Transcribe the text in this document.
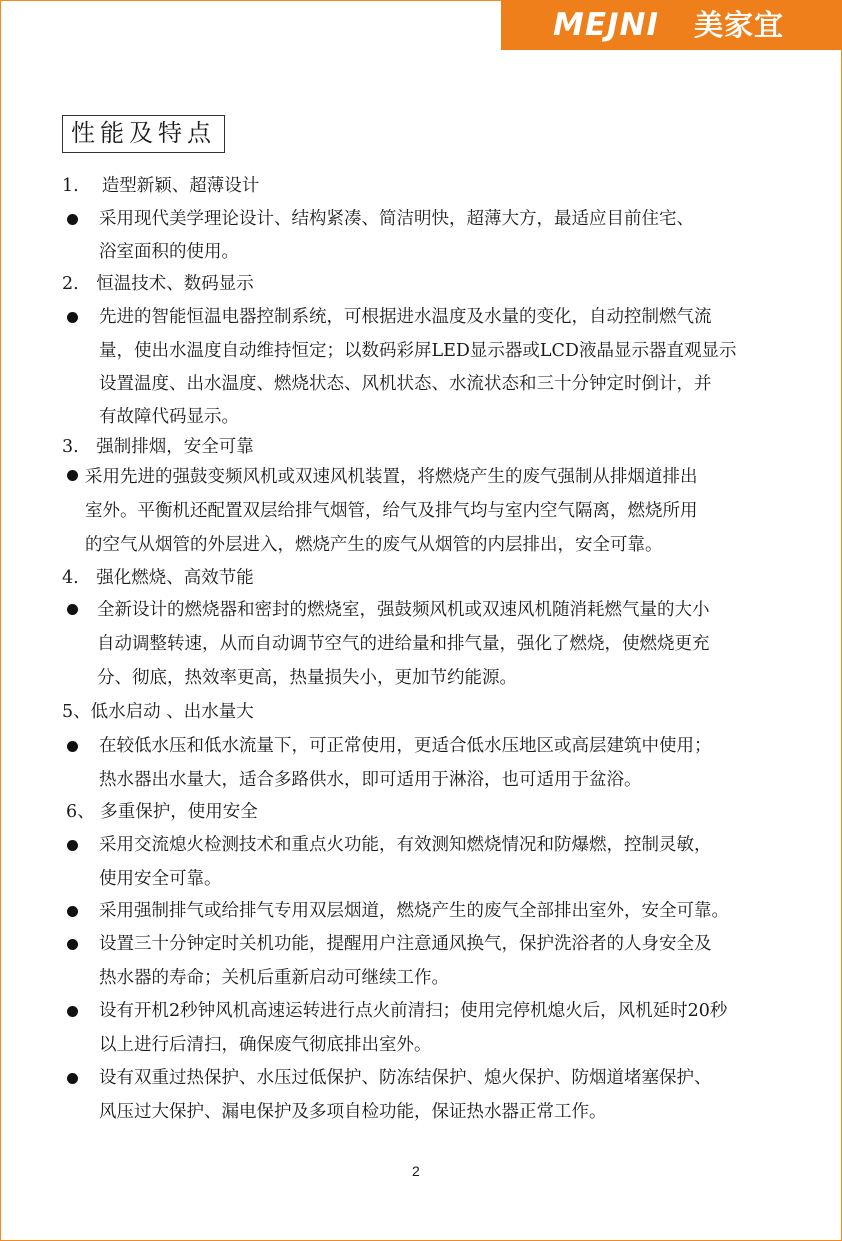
MEJNI 美家宜
性能及特点
1.　 造型新颖、超薄设计
采用现代美学理论设计、结构紧凑、简洁明快，超薄大方，最适应目前住宅、
浴室面积的使用。
2.　恒温技术、数码显示
先进的智能恒温电器控制系统，可根据进水温度及水量的变化，自动控制燃气流
量，使出水温度自动维持恒定；以数码彩屏LED显示器或LCD液晶显示器直观显示
设置温度、出水温度、燃烧状态、风机状态、水流状态和三十分钟定时倒计，并
有故障代码显示。
3.　强制排烟，安全可靠
采用先进的强鼓变频风机或双速风机装置，将燃烧产生的废气强制从排烟道排出
室外。平衡机还配置双层给排气烟管，给气及排气均与室内空气隔离，燃烧所用
的空气从烟管的外层进入，燃烧产生的废气从烟管的内层排出，安全可靠。
4.　强化燃烧、高效节能
全新设计的燃烧器和密封的燃烧室，强鼓频风机或双速风机随消耗燃气量的大小
自动调整转速，从而自动调节空气的进给量和排气量，强化了燃烧，使燃烧更充
分、彻底，热效率更高，热量损失小，更加节约能源。
5、低水启动 、出水量大
在较低水压和低水流量下，可正常使用，更适合低水压地区或高层建筑中使用；
热水器出水量大，适合多路供水，即可适用于淋浴，也可适用于盆浴。
6、 多重保护，使用安全
采用交流熄火检测技术和重点火功能，有效测知燃烧情况和防爆燃，控制灵敏，
使用安全可靠。
采用强制排气或给排气专用双层烟道，燃烧产生的废气全部排出室外，安全可靠。
设置三十分钟定时关机功能，提醒用户注意通风换气，保护洗浴者的人身安全及
热水器的寿命；关机后重新启动可继续工作。
设有开机2秒钟风机高速运转进行点火前清扫；使用完停机熄火后，风机延时20秒
以上进行后清扫，确保废气彻底排出室外。
设有双重过热保护、水压过低保护、防冻结保护、熄火保护、防烟道堵塞保护、
风压过大保护、漏电保护及多项自检功能，保证热水器正常工作。
2
